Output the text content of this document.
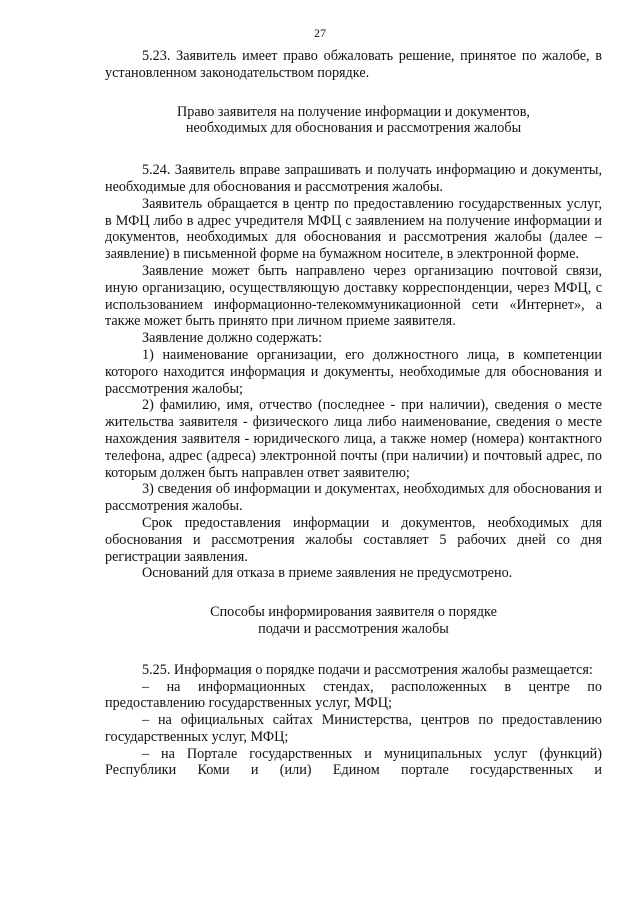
27

5.23. Заявитель имеет право обжаловать решение, принятое по жалобе, в установленном законодательством порядке.

Право заявителя на получение информации и документов,
необходимых для обоснования и рассмотрения жалобы

5.24. Заявитель вправе запрашивать и получать информацию и документы, необходимые для обоснования и рассмотрения жалобы.

Заявитель обращается в центр по предоставлению государственных услуг, в МФЦ либо в адрес учредителя МФЦ с заявлением на получение информации и документов, необходимых для обоснования и рассмотрения жалобы (далее – заявление) в письменной форме на бумажном носителе, в электронной форме.

Заявление может быть направлено через организацию почтовой связи, иную организацию, осуществляющую доставку корреспонденции, через МФЦ, с использованием информационно-телекоммуникационной сети «Интернет», а также может быть принято при личном приеме заявителя.

Заявление должно содержать:

1) наименование организации, его должностного лица, в компетенции которого находится информация и документы, необходимые для обоснования и рассмотрения жалобы;

2) фамилию, имя, отчество (последнее - при наличии), сведения о месте жительства заявителя - физического лица либо наименование, сведения о месте нахождения заявителя - юридического лица, а также номер (номера) контактного телефона, адрес (адреса) электронной почты (при наличии) и почтовый адрес, по которым должен быть направлен ответ заявителю;

3) сведения об информации и документах, необходимых для обоснования и рассмотрения жалобы.

Срок предоставления информации и документов, необходимых для обоснования и рассмотрения жалобы составляет 5 рабочих дней со дня регистрации заявления.

Оснований для отказа в приеме заявления не предусмотрено.

Способы информирования заявителя о порядке
подачи и рассмотрения жалобы

5.25. Информация о порядке подачи и рассмотрения жалобы размещается:

– на информационных стендах, расположенных в центре по предоставлению государственных услуг, МФЦ;

– на официальных сайтах Министерства, центров по предоставлению государственных услуг, МФЦ;

– на Портале государственных и муниципальных услуг (функций) Республики Коми и (или) Едином портале государственных и
